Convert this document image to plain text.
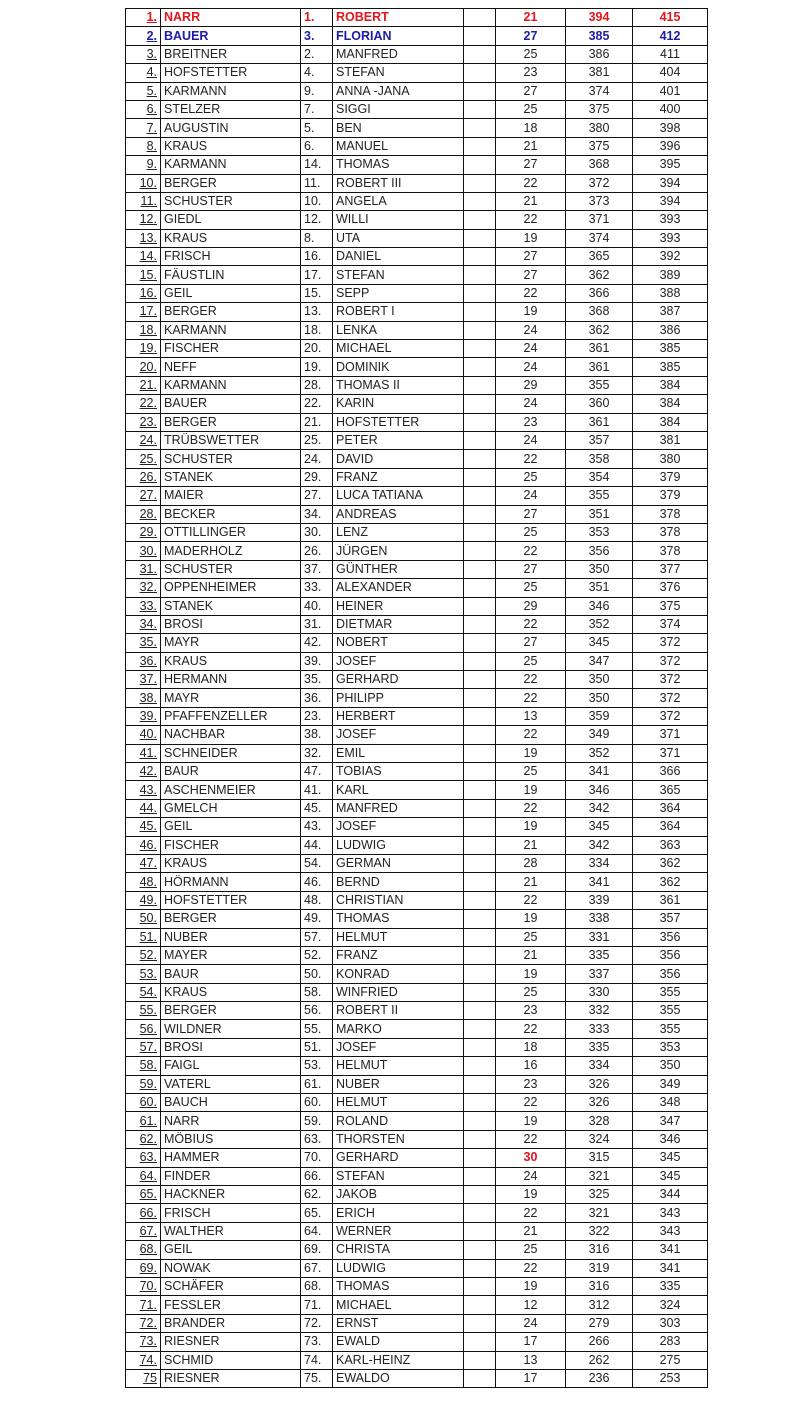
1.	NARR	1.	ROBERT		21	394	415
2.	BAUER	3.	FLORIAN		27	385	412
3.	BREITNER	2.	MANFRED		25	386	411
4.	HOFSTETTER	4.	STEFAN		23	381	404
5.	KARMANN	9.	ANNA -JANA		27	374	401
6.	STELZER	7.	SIGGI		25	375	400
7.	AUGUSTIN	5.	BEN		18	380	398
8.	KRAUS	6.	MANUEL		21	375	396
9.	KARMANN	14.	THOMAS		27	368	395
10.	BERGER	11.	ROBERT III		22	372	394
11.	SCHUSTER	10.	ANGELA		21	373	394
12.	GIEDL	12.	WILLI		22	371	393
13.	KRAUS	8.	UTA		19	374	393
14.	FRISCH	16.	DANIEL		27	365	392
15.	FÄUSTLIN	17.	STEFAN		27	362	389
16.	GEIL	15.	SEPP		22	366	388
17.	BERGER	13.	ROBERT I		19	368	387
18.	KARMANN	18.	LENKA		24	362	386
19.	FISCHER	20.	MICHAEL		24	361	385
20.	NEFF	19.	DOMINIK		24	361	385
21.	KARMANN	28.	THOMAS II		29	355	384
22.	BAUER	22.	KARIN		24	360	384
23.	BERGER	21.	HOFSTETTER		23	361	384
24.	TRÜBSWETTER	25.	PETER		24	357	381
25.	SCHUSTER	24.	DAVID		22	358	380
26.	STANEK	29.	FRANZ		25	354	379
27.	MAIER	27.	LUCA TATIANA		24	355	379
28.	BECKER	34.	ANDREAS		27	351	378
29.	OTTILLINGER	30.	LENZ		25	353	378
30.	MADERHOLZ	26.	JÜRGEN		22	356	378
31.	SCHUSTER	37.	GÜNTHER		27	350	377
32.	OPPENHEIMER	33.	ALEXANDER		25	351	376
33.	STANEK	40.	HEINER		29	346	375
34.	BROSI	31.	DIETMAR		22	352	374
35.	MAYR	42.	NOBERT		27	345	372
36.	KRAUS	39.	JOSEF		25	347	372
37.	HERMANN	35.	GERHARD		22	350	372
38.	MAYR	36.	PHILIPP		22	350	372
39.	PFAFFENZELLER	23.	HERBERT		13	359	372
40.	NACHBAR	38.	JOSEF		22	349	371
41.	SCHNEIDER	32.	EMIL		19	352	371
42.	BAUR	47.	TOBIAS		25	341	366
43.	ASCHENMEIER	41.	KARL		19	346	365
44.	GMELCH	45.	MANFRED		22	342	364
45.	GEIL	43.	JOSEF		19	345	364
46.	FISCHER	44.	LUDWIG		21	342	363
47.	KRAUS	54.	GERMAN		28	334	362
48.	HÖRMANN	46.	BERND		21	341	362
49.	HOFSTETTER	48.	CHRISTIAN		22	339	361
50.	BERGER	49.	THOMAS		19	338	357
51.	NUBER	57.	HELMUT		25	331	356
52.	MAYER	52.	FRANZ		21	335	356
53.	BAUR	50.	KONRAD		19	337	356
54.	KRAUS	58.	WINFRIED		25	330	355
55.	BERGER	56.	ROBERT II		23	332	355
56.	WILDNER	55.	MARKO		22	333	355
57.	BROSI	51.	JOSEF		18	335	353
58.	FAIGL	53.	HELMUT		16	334	350
59.	VATERL	61.	NUBER		23	326	349
60.	BAUCH	60.	HELMUT		22	326	348
61.	NARR	59.	ROLAND		19	328	347
62.	MÖBIUS	63.	THORSTEN		22	324	346
63.	HAMMER	70.	GERHARD		30	315	345
64.	FINDER	66.	STEFAN		24	321	345
65.	HACKNER	62.	JAKOB		19	325	344
66.	FRISCH	65.	ERICH		22	321	343
67.	WALTHER	64.	WERNER		21	322	343
68.	GEIL	69.	CHRISTA		25	316	341
69.	NOWAK	67.	LUDWIG		22	319	341
70.	SCHÄFER	68.	THOMAS		19	316	335
71.	FESSLER	71.	MICHAEL		12	312	324
72.	BRANDER	72.	ERNST		24	279	303
73.	RIESNER	73.	EWALD		17	266	283
74.	SCHMID	74.	KARL-HEINZ		13	262	275
75	RIESNER	75.	EWALDO		17	236	253
